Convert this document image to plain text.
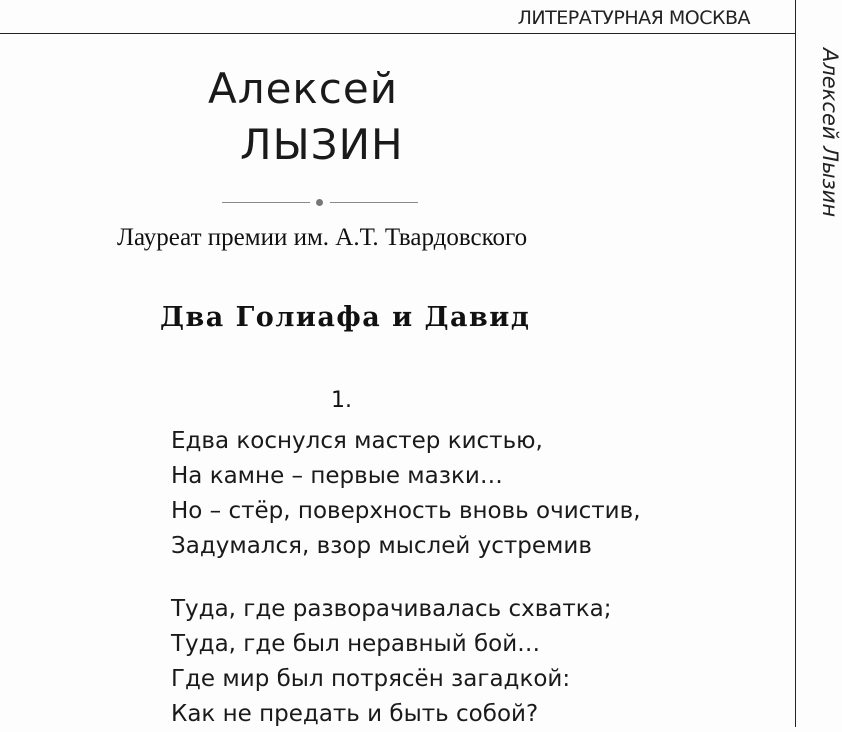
ЛИТЕРАТУРНАЯ МОСКВА
Алексей Лызин
Алексей
ЛЫЗИН
Лауреат премии им. А.Т. Твардовского
Два Голиафа и Давид
1.
Едва коснулся мастер кистью,
На камне – первые мазки…
Но – стёр, поверхность вновь очистив,
Задумался, взор мыслей устремив
Туда, где разворачивалась схватка;
Туда, где был неравный бой…
Где мир был потрясён загадкой:
Как не предать и быть собой?
